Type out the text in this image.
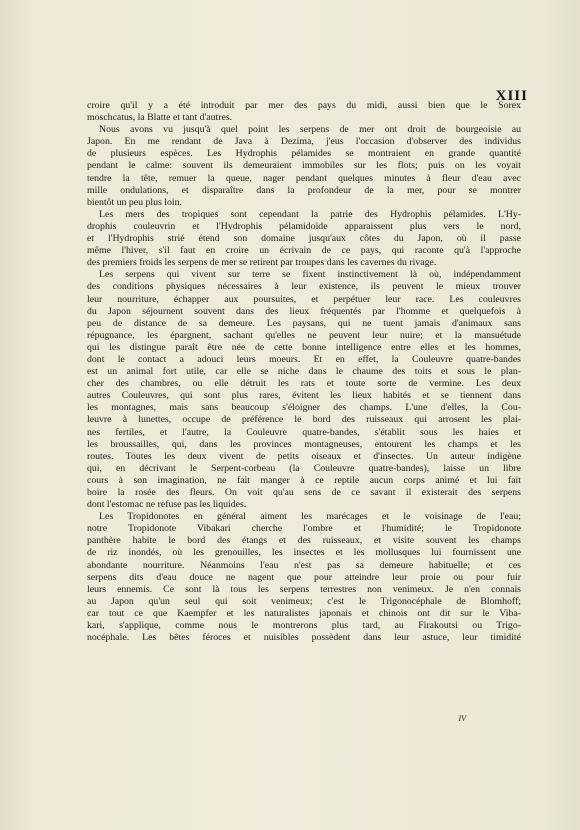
XIII

croire qu'il y a été introduit par mer des pays du midi, aussi bien que le Sorex
moschcatus, la Blatte et tant d'autres.

Nous avons vu jusqu'à quel point les serpens de mer ont droit de bourgeoisie au
Japon. En me rendant de Java à Dezima, j'eus l'occasion d'observer des individus
de plusieurs espèces. Les Hydrophis pélamides se montraient en grande quantité
pendant le calme: souvent ils demeuraient immobiles sur les flots; puis on les voyait
tendre la tête, remuer la queue, nager pendant quelques minutes à fleur d'eau avec
mille ondulations, et disparaître dans la profondeur de la mer, pour se montrer
bientôt un peu plus loin.

Les mers des tropiques sont cependant la patrie des Hydrophis pélamides. L'Hy-
drophis couleuvrin et l'Hydrophis pélamidoïde apparaissent plus vers le nord,
et l'Hydrophis strié étend son domaine jusqu'aux côtes du Japon, où il passe
même l'hiver, s'il faut en croire un écrivain de ce pays, qui raconte qu'à l'approche
des premiers froids les serpens de mer se retirent par troupes dans les cavernes du rivage.

Les serpens qui vivent sur terre se fixent instinctivement là où, indépendamment
des conditions physiques nécessaires à leur existence, ils peuvent le mieux trouver
leur nourriture, échapper aux poursuites, et perpétuer leur race. Les couleuvres
du Japon séjournent souvent dans des lieux fréquentés par l'homme et quelquefois à
peu de distance de sa demeure. Les paysans, qui ne tuent jamais d'animaux sans
répugnance, les épargnent, sachant qu'elles ne peuvent leur nuire; et la mansuétude
qui les distingue paraît être née de cette bonne intelligence entre elles et les hommes,
dont le contact a adouci leurs moeurs. Et en effet, la Couleuvre quatre-bandes
est un animal fort utile, car elle se niche dans le chaume des toits et sous le plan-
cher des chambres, ou elle détruit les rats et toute sorte de vermine. Les deux
autres Couleuvres, qui sont plus rares, évitent les lieux habités et se tiennent dans
les montagnes, mais sans beaucoup s'éloigner des champs. L'une d'elles, la Cou-
leuvre à lunettes, occupe de préférence le bord des ruisseaux qui arrosent les plai-
nes fertiles, et l'autre, la Couleuvre quatre-bandes, s'établit sous les haies et
les broussailles, qui, dans les provinces montagneuses, entourent les champs et les
routes. Toutes les deux vivent de petits oiseaux et d'insectes. Un auteur indigène
qui, en décrivant le Serpent-corbeau (la Couleuvre quatre-bandes), laisse un libre
cours à son imagination, ne fait manger à ce reptile aucun corps animé et lui fait
boire la rosée des fleurs. On voit qu'au sens de ce savant il existerait des serpens
dont l'estomac ne refuse pas les liquides.

Les Tropidonotes en général aiment les marécages et le voisinage de l'eau;
notre Tropidonote Vibakari cherche l'ombre et l'humidité; le Tropidonote
panthère habite le bord des étangs et des ruisseaux, et visite souvent les champs
de riz inondés, où les grenouilles, les insectes et les mollusques lui fournissent une
abondante nourriture. Néanmoins l'eau n'est pas sa demeure habituelle; et ces
serpens dits d'eau douce ne nagent que pour atteindre leur proie ou pour fuir
leurs ennemis. Ce sont là tous les serpens terrestres non venimeux. Je n'en connais
au Japon qu'un seul qui soit venimeux; c'est le Trigonocéphale de Blomhoff;
car tout ce que Kaempfer et les naturalistes japonais et chinois ont dit sur le Viba-
kari, s'applique, comme nous le montrerons plus tard, au Firakoutsi ou Trigo-
nocéphale. Les bêtes féroces et nuisibles possèdent dans leur astuce, leur timidité

IV
